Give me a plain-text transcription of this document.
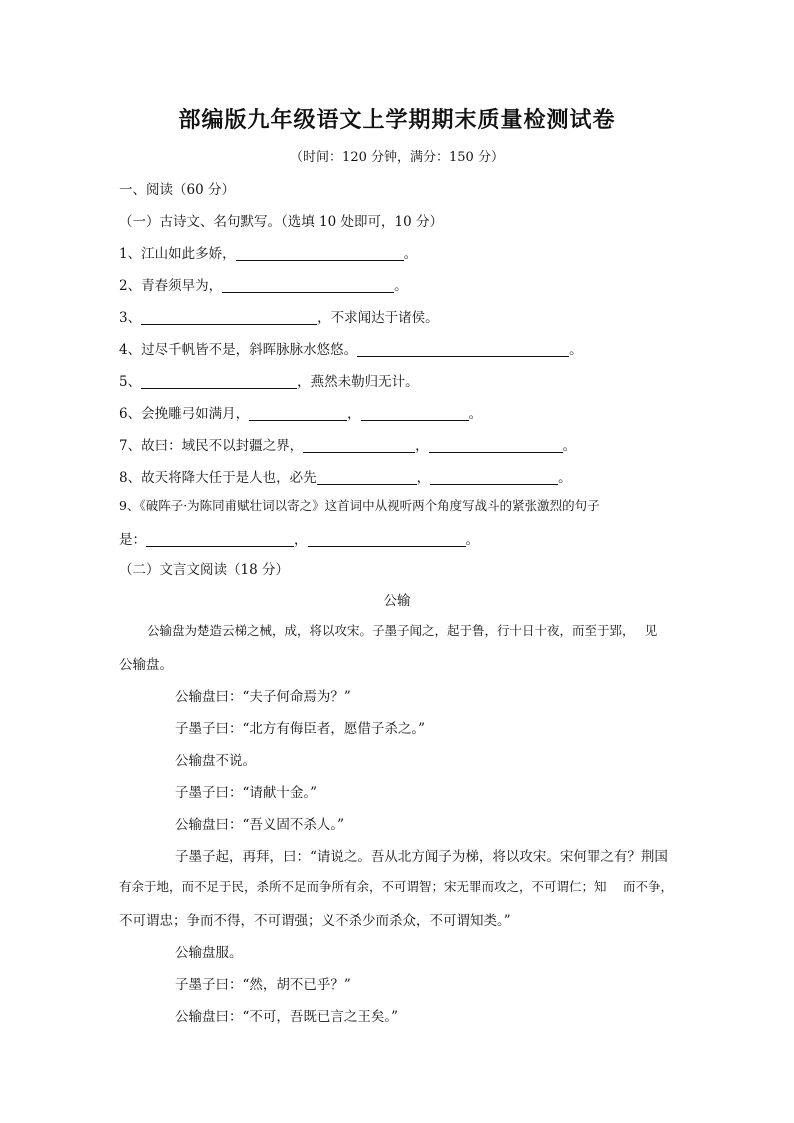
部编版九年级语文上学期期末质量检测试卷
（时间：120 分钟，满分：150 分）
一、阅读（60 分）
（一）古诗文、名句默写。（选填 10 处即可，10 分）
1、江山如此多娇，	。
2、青春须早为，	。
3、	，不求闻达于诸侯。
4、过尽千帆皆不是，斜晖脉脉水悠悠。	。
5、	，燕然未勒归无计。
6、会挽雕弓如满月，	，	。
7、故曰：域民不以封疆之界，	，	。
8、故天将降大任于是人也，必先	，	。
9、《破阵子·为陈同甫赋壮词以寄之》这首词中从视听两个角度写战斗的紧张激烈的句子
是：	，	。
（二）文言文阅读（18 分）
公输
公输盘为楚造云梯之械，成，将以攻宋。子墨子闻之，起于鲁，行十日十夜，而至于郢，　 见
公输盘。
公输盘曰：“夫子何命焉为？”
子墨子曰：“北方有侮臣者，愿借子杀之。”
公输盘不说。
子墨子曰：“请献十金。”
公输盘曰：“吾义固不杀人。”
子墨子起，再拜，曰：“请说之。吾从北方闻子为梯，将以攻宋。宋何罪之有？荆国
有余于地，而不足于民，杀所不足而争所有余，不可谓智；宋无罪而攻之，不可谓仁；知　 而不争，
不可谓忠；争而不得，不可谓强；义不杀少而杀众，不可谓知类。”
公输盘服。
子墨子曰：“然，胡不已乎？”
公输盘曰：“不可，吾既已言之王矣。”
